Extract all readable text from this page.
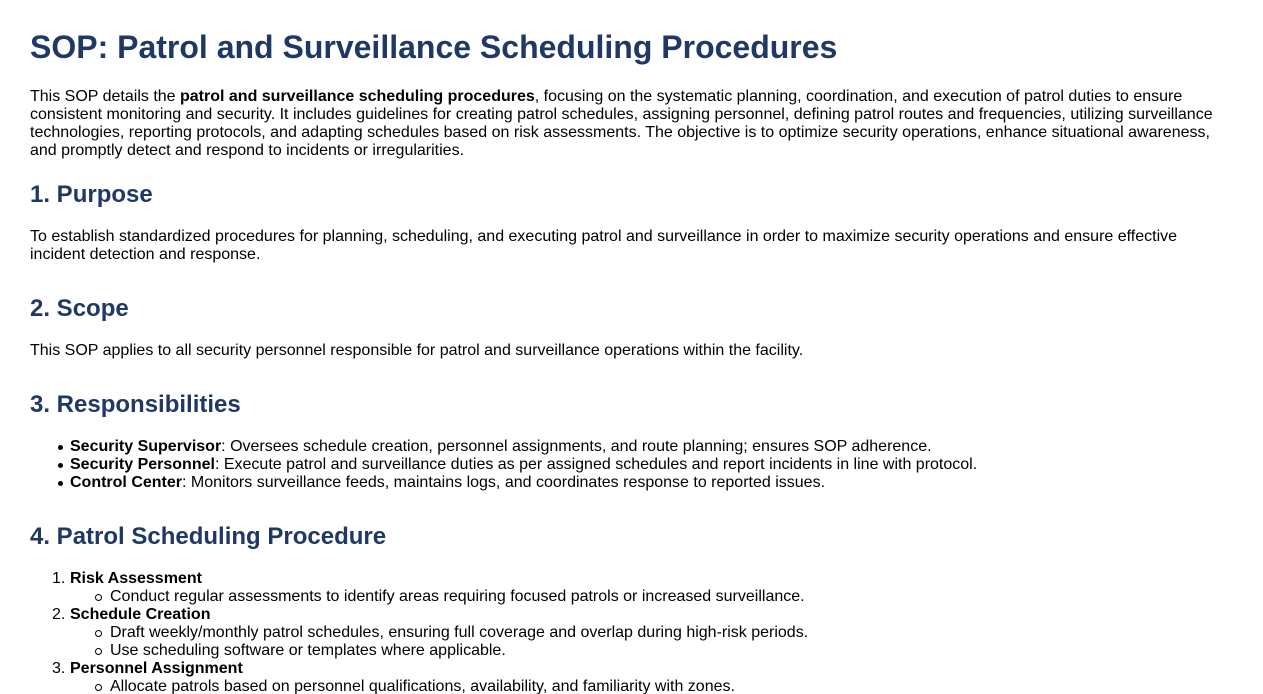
SOP: Patrol and Surveillance Scheduling Procedures

This SOP details the patrol and surveillance scheduling procedures, focusing on the systematic planning, coordination, and execution of patrol duties to ensure consistent monitoring and security. It includes guidelines for creating patrol schedules, assigning personnel, defining patrol routes and frequencies, utilizing surveillance technologies, reporting protocols, and adapting schedules based on risk assessments. The objective is to optimize security operations, enhance situational awareness, and promptly detect and respond to incidents or irregularities.

1. Purpose

To establish standardized procedures for planning, scheduling, and executing patrol and surveillance in order to maximize security operations and ensure effective incident detection and response.

2. Scope

This SOP applies to all security personnel responsible for patrol and surveillance operations within the facility.

3. Responsibilities
Security Supervisor: Oversees schedule creation, personnel assignments, and route planning; ensures SOP adherence.
Security Personnel: Execute patrol and surveillance duties as per assigned schedules and report incidents in line with protocol.
Control Center: Monitors surveillance feeds, maintains logs, and coordinates response to reported issues.
4. Patrol Scheduling Procedure
1. Risk Assessment
Conduct regular assessments to identify areas requiring focused patrols or increased surveillance.
2. Schedule Creation
Draft weekly/monthly patrol schedules, ensuring full coverage and overlap during high-risk periods.
Use scheduling software or templates where applicable.
3. Personnel Assignment
Allocate patrols based on personnel qualifications, availability, and familiarity with zones.
